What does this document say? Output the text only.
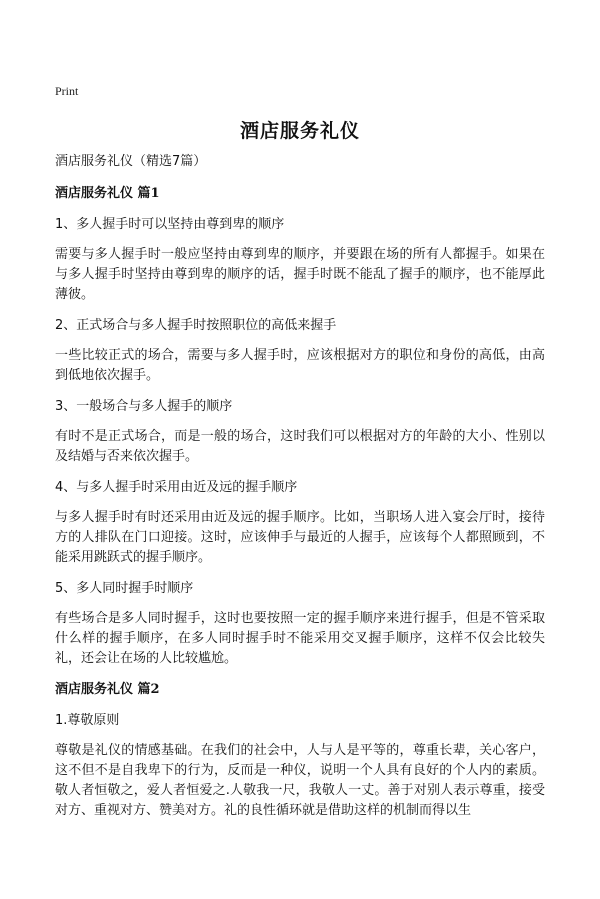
Print
酒店服务礼仪

酒店服务礼仪（精选7篇）

酒店服务礼仪 篇1

1、多人握手时可以坚持由尊到卑的顺序

需要与多人握手时一般应坚持由尊到卑的顺序，并要跟在场的所有人都握手。如果在与多人握手时坚持由尊到卑的顺序的话，握手时既不能乱了握手的顺序，也不能厚此薄彼。

2、正式场合与多人握手时按照职位的高低来握手

一些比较正式的场合，需要与多人握手时，应该根据对方的职位和身份的高低，由高到低地依次握手。

3、一般场合与多人握手的顺序

有时不是正式场合，而是一般的场合，这时我们可以根据对方的年龄的大小、性别以及结婚与否来依次握手。

4、与多人握手时采用由近及远的握手顺序

与多人握手时有时还采用由近及远的握手顺序。比如，当职场人进入宴会厅时，接待方的人排队在门口迎接。这时，应该伸手与最近的人握手，应该每个人都照顾到，不能采用跳跃式的握手顺序。

5、多人同时握手时顺序

有些场合是多人同时握手，这时也要按照一定的握手顺序来进行握手，但是不管采取什么样的握手顺序，在多人同时握手时不能采用交叉握手顺序，这样不仅会比较失礼，还会让在场的人比较尴尬。

酒店服务礼仪 篇2

1.尊敬原则

尊敬是礼仪的情感基础。在我们的社会中，人与人是平等的，尊重长辈，关心客户，这不但不是自我卑下的行为，反而是一种仪，说明一个人具有良好的个人内的素质。敬人者恒敬之，爱人者恒爱之.人敬我一尺，我敬人一丈。善于对别人表示尊重，接受对方、重视对方、赞美对方。礼的良性循环就是借助这样的机制而得以生
